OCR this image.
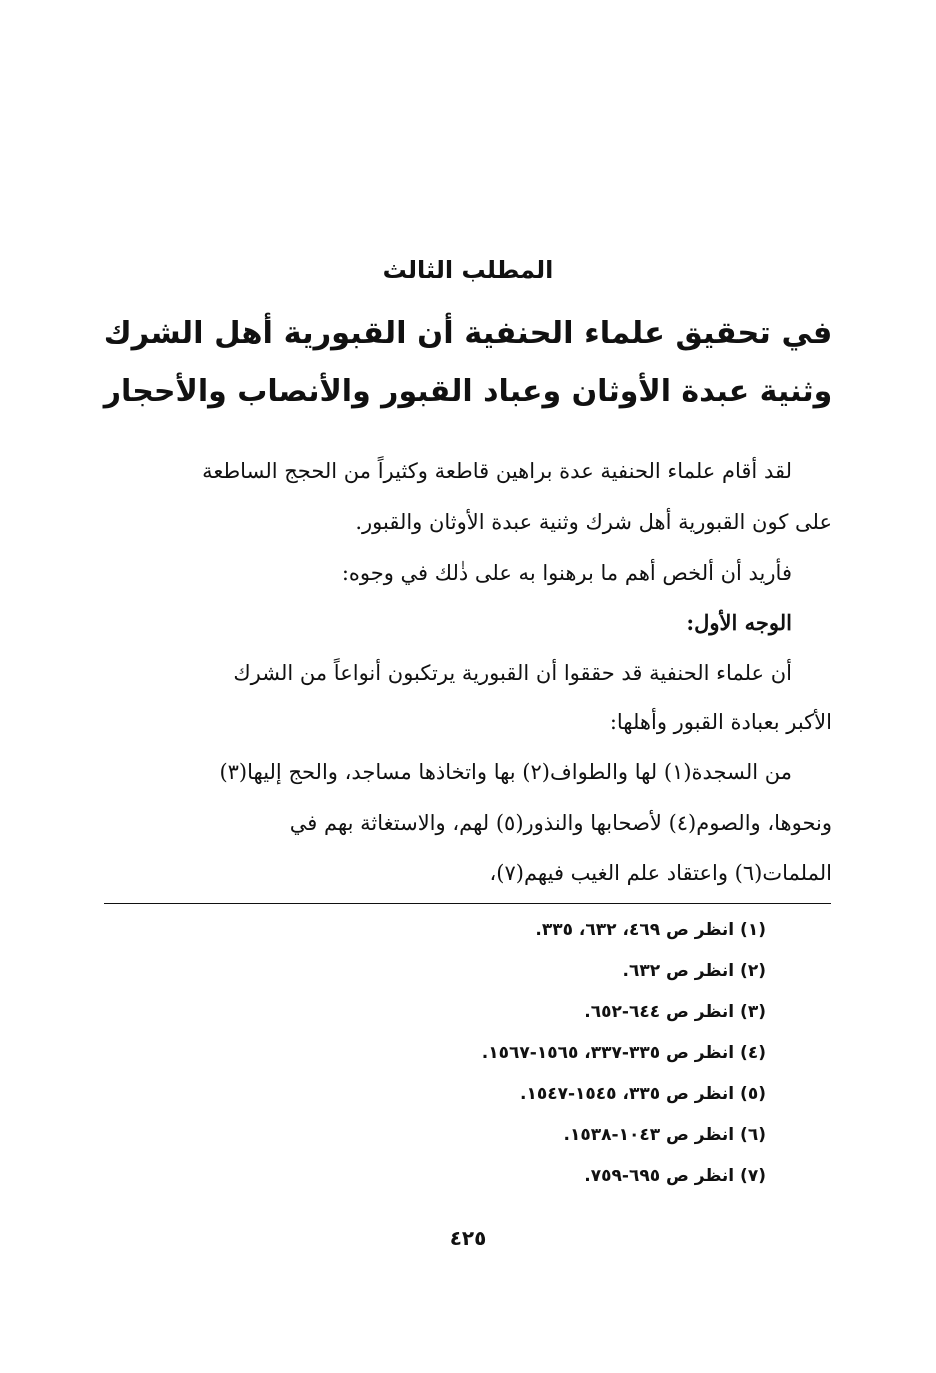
المطلب الثالث

في تحقيق علماء الحنفية أن القبورية أهل الشرك
وثنية عبدة الأوثان وعباد القبور والأنصاب والأحجار

لقد أقام علماء الحنفية عدة براهين قاطعة وكثيراً من الحجج الساطعة

على كون القبورية أهل شرك وثنية عبدة الأوثان والقبور.

فأريد أن ألخص أهم ما برهنوا به على ذٰلك في وجوه:

الوجه الأول:

أن علماء الحنفية قد حققوا أن القبورية يرتكبون أنواعاً من الشرك

الأكبر بعبادة القبور وأهلها:

من السجدة(١) لها والطواف(٢) بها واتخاذها مساجد، والحج إليها(٣)

ونحوها، والصوم(٤) لأصحابها والنذور(٥) لهم، والاستغاثة بهم في

الملمات(٦) واعتقاد علم الغيب فيهم(٧)،

(١) انظر ص ٤٦٩، ٦٣٢، ٣٣٥.

(٢) انظر ص ٦٣٢.

(٣) انظر ص ٦٤٤-٦٥٢.

(٤) انظر ص ٣٣٥-٣٣٧، ١٥٦٥-١٥٦٧.

(٥) انظر ص ٣٣٥، ١٥٤٥-١٥٤٧.

(٦) انظر ص ١٠٤٣-١٥٣٨.

(٧) انظر ص ٦٩٥-٧٥٩.

٤٢٥
